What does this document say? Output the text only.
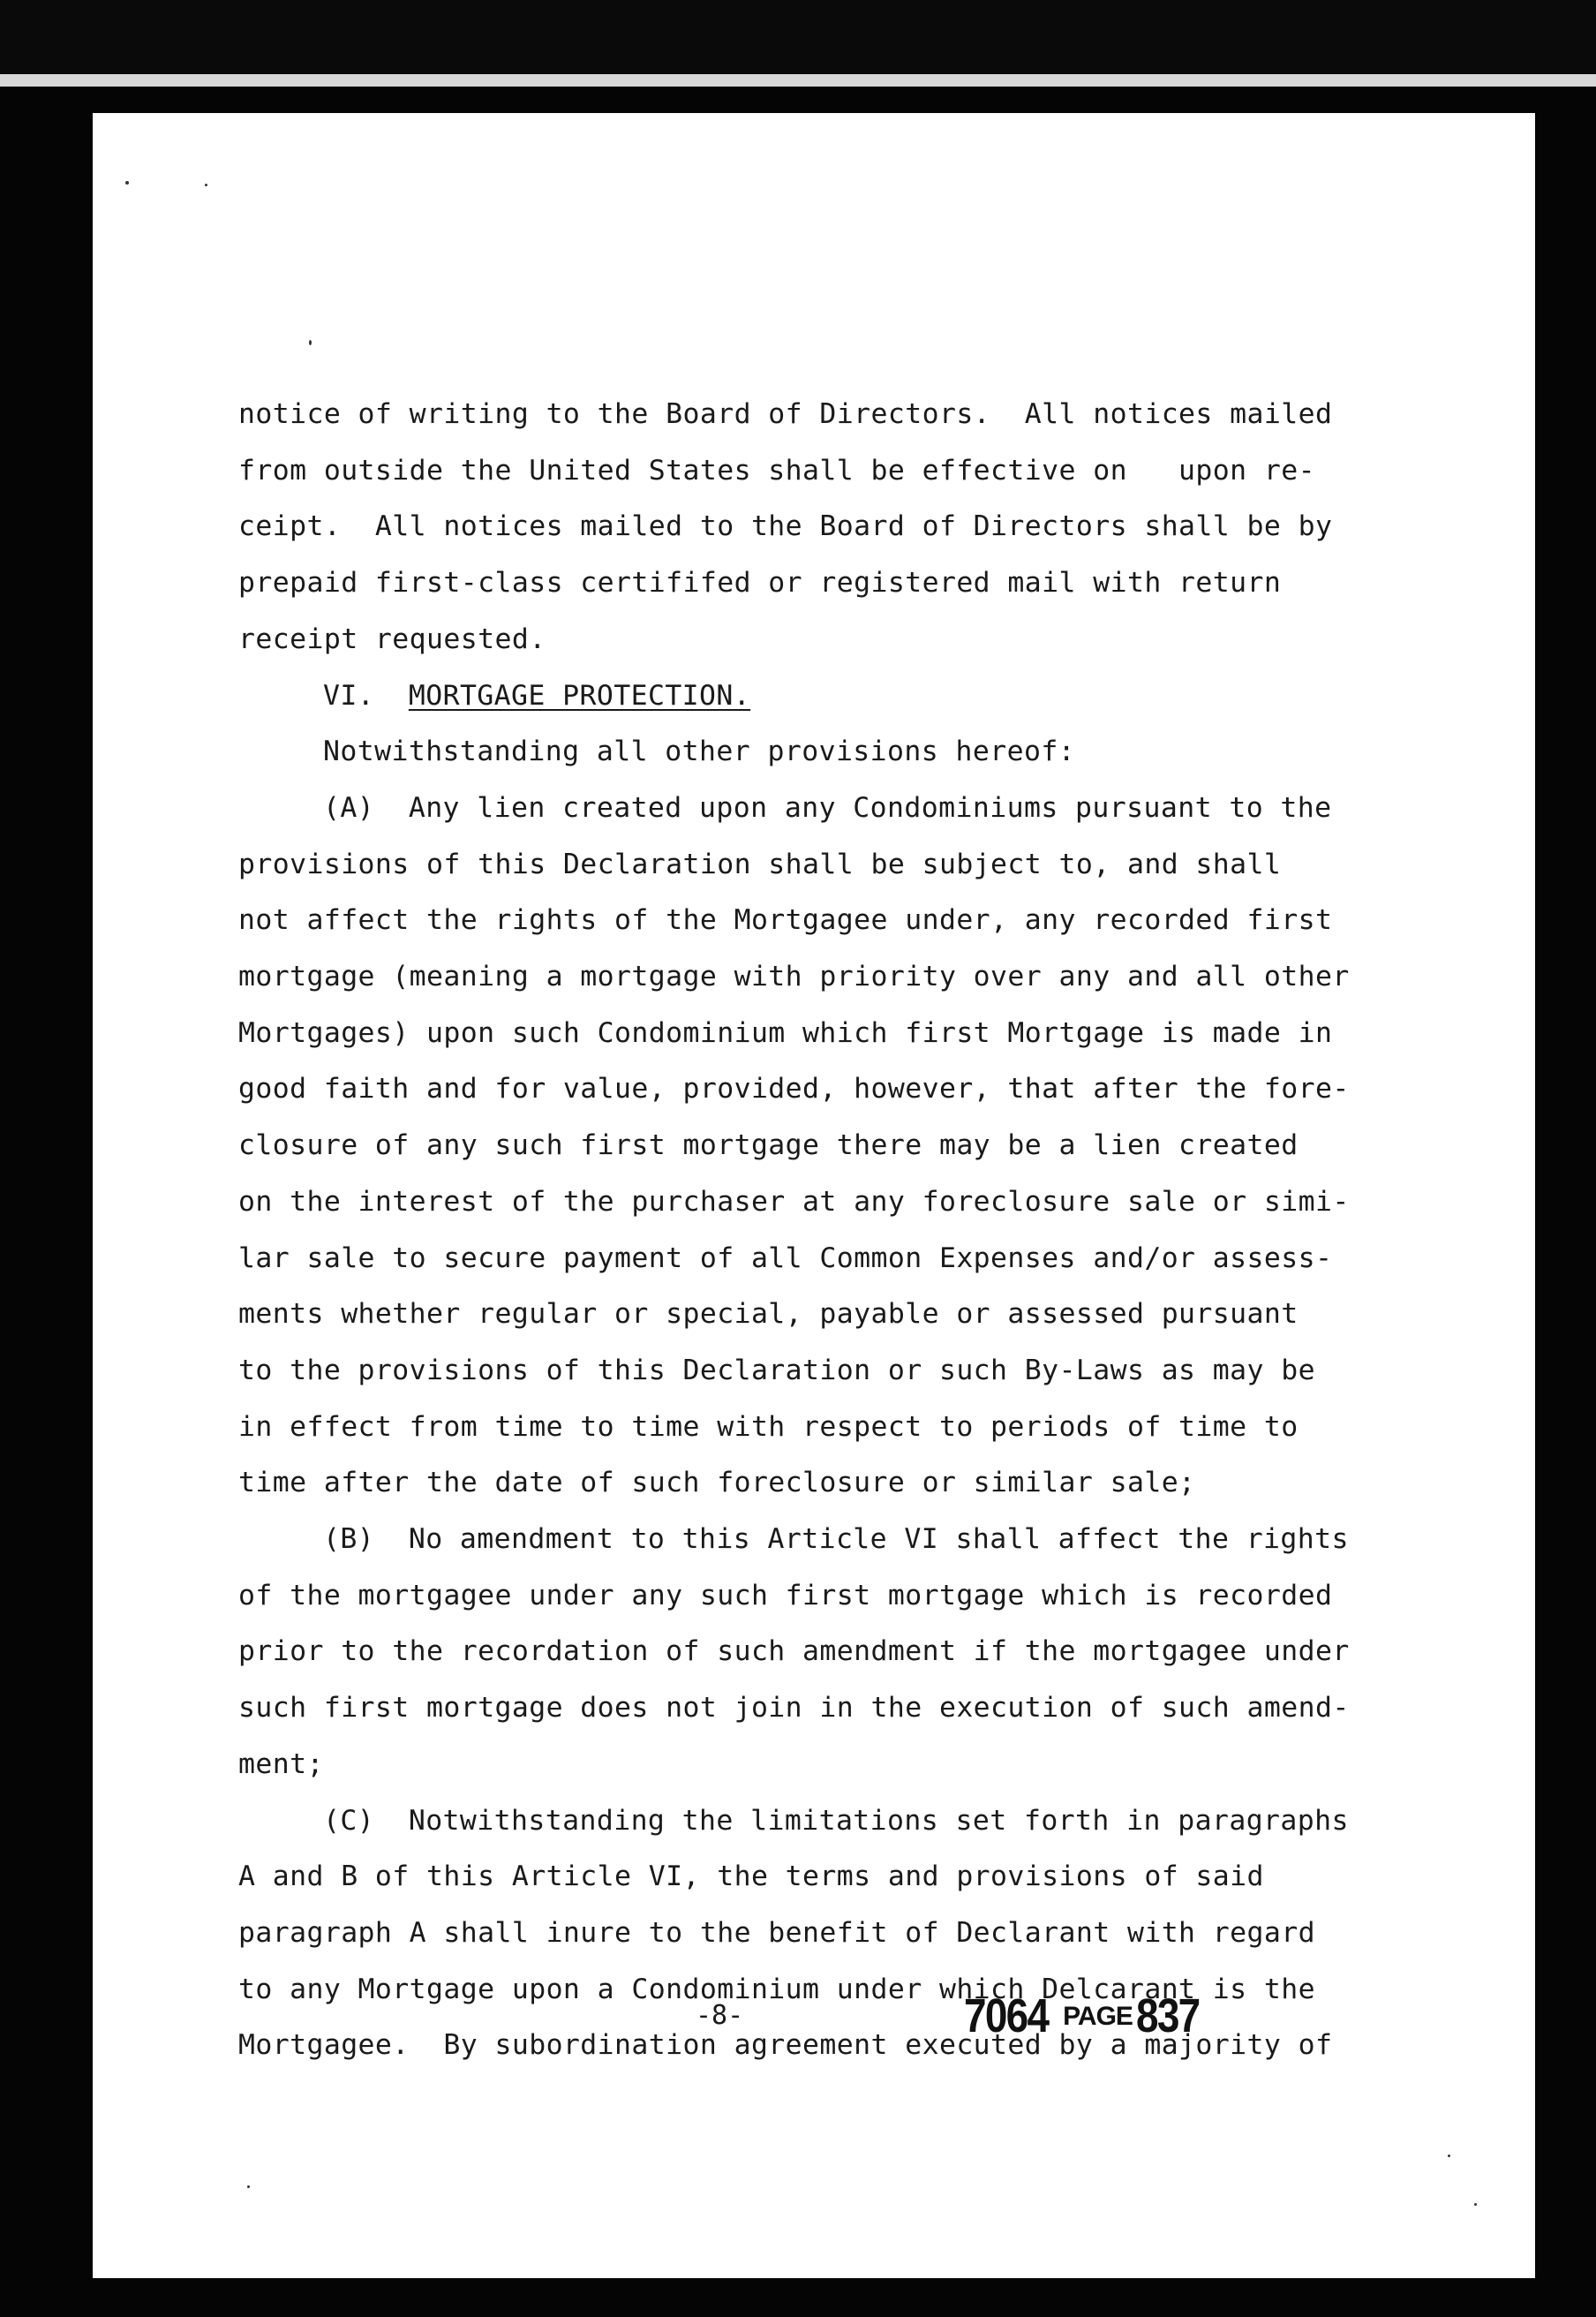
notice of writing to the Board of Directors.  All notices mailed

from outside the United States shall be effective on   upon re-

ceipt.  All notices mailed to the Board of Directors shall be by

prepaid first-class certififed or registered mail with return

receipt requested.

VI. MORTGAGE PROTECTION.

Notwithstanding all other provisions hereof:

(A)  Any lien created upon any Condominiums pursuant to the

provisions of this Declaration shall be subject to, and shall

not affect the rights of the Mortgagee under, any recorded first

mortgage (meaning a mortgage with priority over any and all other

Mortgages) upon such Condominium which first Mortgage is made in

good faith and for value, provided, however, that after the fore-

closure of any such first mortgage there may be a lien created

on the interest of the purchaser at any foreclosure sale or simi-

lar sale to secure payment of all Common Expenses and/or assess-

ments whether regular or special, payable or assessed pursuant

to the provisions of this Declaration or such By-Laws as may be

in effect from time to time with respect to periods of time to

time after the date of such foreclosure or similar sale;

(B)  No amendment to this Article VI shall affect the rights

of the mortgagee under any such first mortgage which is recorded

prior to the recordation of such amendment if the mortgagee under

such first mortgage does not join in the execution of such amend-

ment;

(C)  Notwithstanding the limitations set forth in paragraphs

A and B of this Article VI, the terms and provisions of said

paragraph A shall inure to the benefit of Declarant with regard

to any Mortgage upon a Condominium under which Delcarant is the

Mortgagee.  By subordination agreement executed by a majority of

-8-	7064 PAGE 837
